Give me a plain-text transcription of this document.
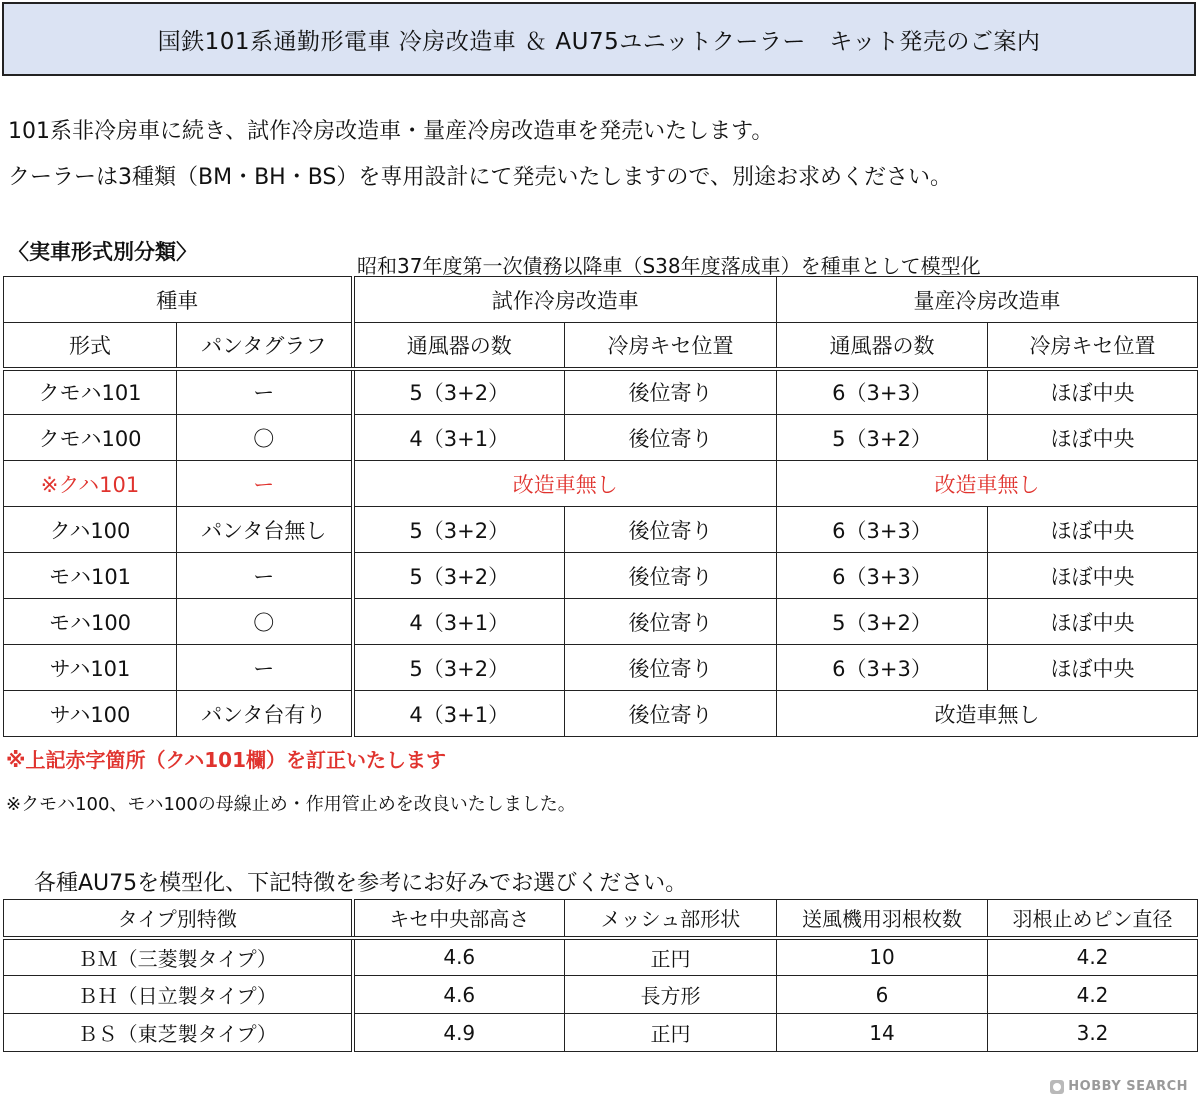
国鉄101系通勤形電車 冷房改造車 ＆ AU75ユニットクーラー　キット発売のご案内
101系非冷房車に続き、試作冷房改造車・量産冷房改造車を発売いたします。
クーラーは3種類（BM・BH・BS）を専用設計にて発売いたしますので、別途お求めください。
〈実車形式別分類〉
昭和37年度第一次債務以降車（S38年度落成車）を種車として模型化
種車		試作冷房改造車		量産冷房改造車	
形式	パンタグラフ	通風器の数	冷房キセ位置	通風器の数	冷房キセ位置
クモハ101	ー	5（3+2）	後位寄り	6（3+3）	ほぼ中央
クモハ100	〇	4（3+1）	後位寄り	5（3+2）	ほぼ中央
※クハ101	ー	改造車無し		改造車無し	
クハ100	パンタ台無し	5（3+2）	後位寄り	6（3+3）	ほぼ中央
モハ101	ー	5（3+2）	後位寄り	6（3+3）	ほぼ中央
モハ100	〇	4（3+1）	後位寄り	5（3+2）	ほぼ中央
サハ101	ー	5（3+2）	後位寄り	6（3+3）	ほぼ中央
サハ100	パンタ台有り	4（3+1）	後位寄り	改造車無し	
※上記赤字箇所（クハ101欄）を訂正いたします
※クモハ100、モハ100の母線止め・作用管止めを改良いたしました。
各種AU75を模型化、下記特徴を参考にお好みでお選びください。
タイプ別特徴	キセ中央部高さ	メッシュ部形状	送風機用羽根枚数	羽根止めピン直径
ＢＭ（三菱製タイプ）	4.6	正円	10	4.2
ＢＨ（日立製タイプ）	4.6	長方形	6	4.2
ＢＳ（東芝製タイプ）	4.9	正円	14	3.2
HOBBY SEARCH
